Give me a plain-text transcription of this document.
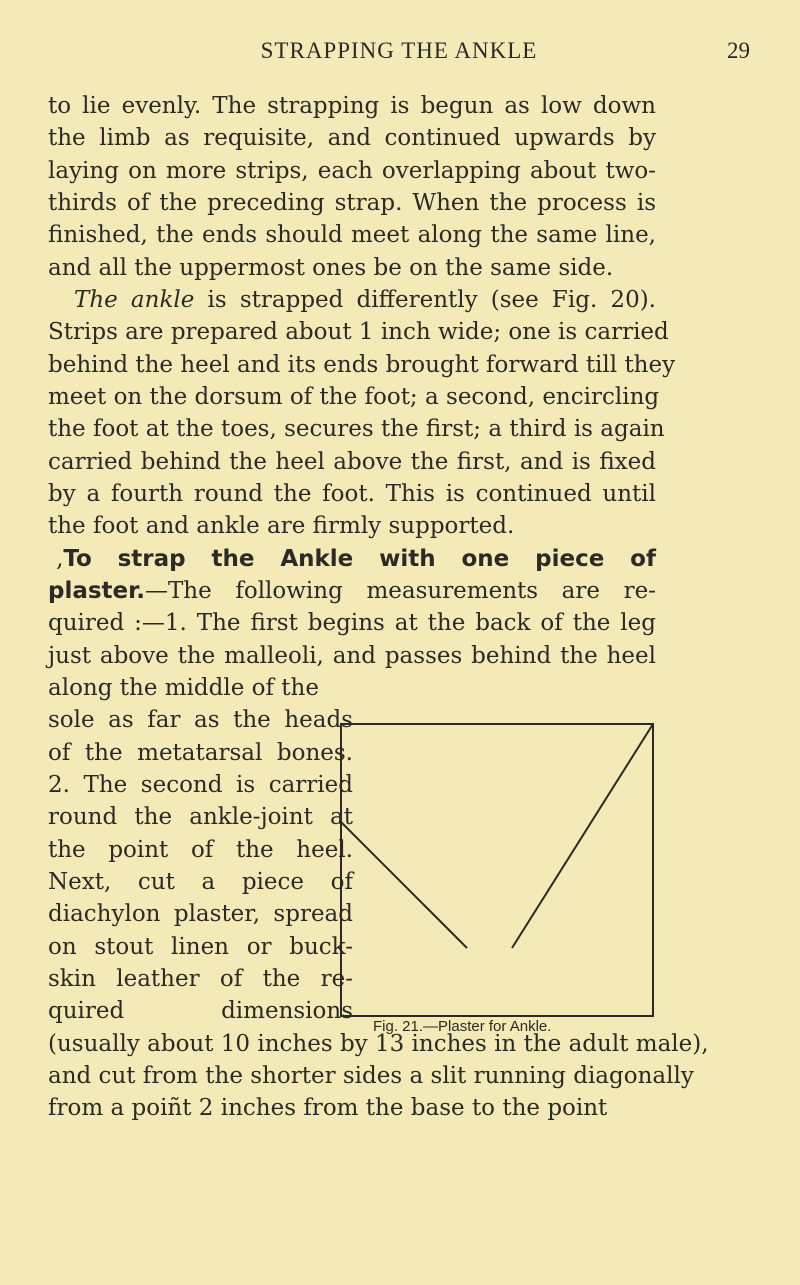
STRAPPING THE ANKLE	29
to lie evenly. The strapping is begun as low down
the limb as requisite, and continued upwards by
laying on more strips, each overlapping about two-
thirds of the preceding strap. When the process is
finished, the ends should meet along the same line,
and all the uppermost ones be on the same side.
The ankle is strapped differently (see Fig. 20).
Strips are prepared about 1 inch wide; one is carried
behind the heel and its ends brought forward till they
meet on the dorsum of the foot; a second, encircling
the foot at the toes, secures the first; a third is again
carried behind the heel above the first, and is fixed
by a fourth round the foot. This is continued until
the foot and ankle are firmly supported.
‚To strap the Ankle with one piece of
plaster.—The following measurements are re-
quired :—1. The first begins at the back of the leg
just above the malleoli, and passes behind the heel
along the middle of the
sole as far as the heads
of the metatarsal bones.
2. The second is carried
round the ankle-joint at
the point of the heel.
Next, cut a piece of
diachylon plaster, spread
on stout linen or buck-
skin leather of the re-
quired dimensions
(usually about 10 inches by 13 inches in the adult male),
and cut from the shorter sides a slit running diagonally
from a poiñt 2 inches from the base to the point
Fig. 21.—Plaster for Ankle.
